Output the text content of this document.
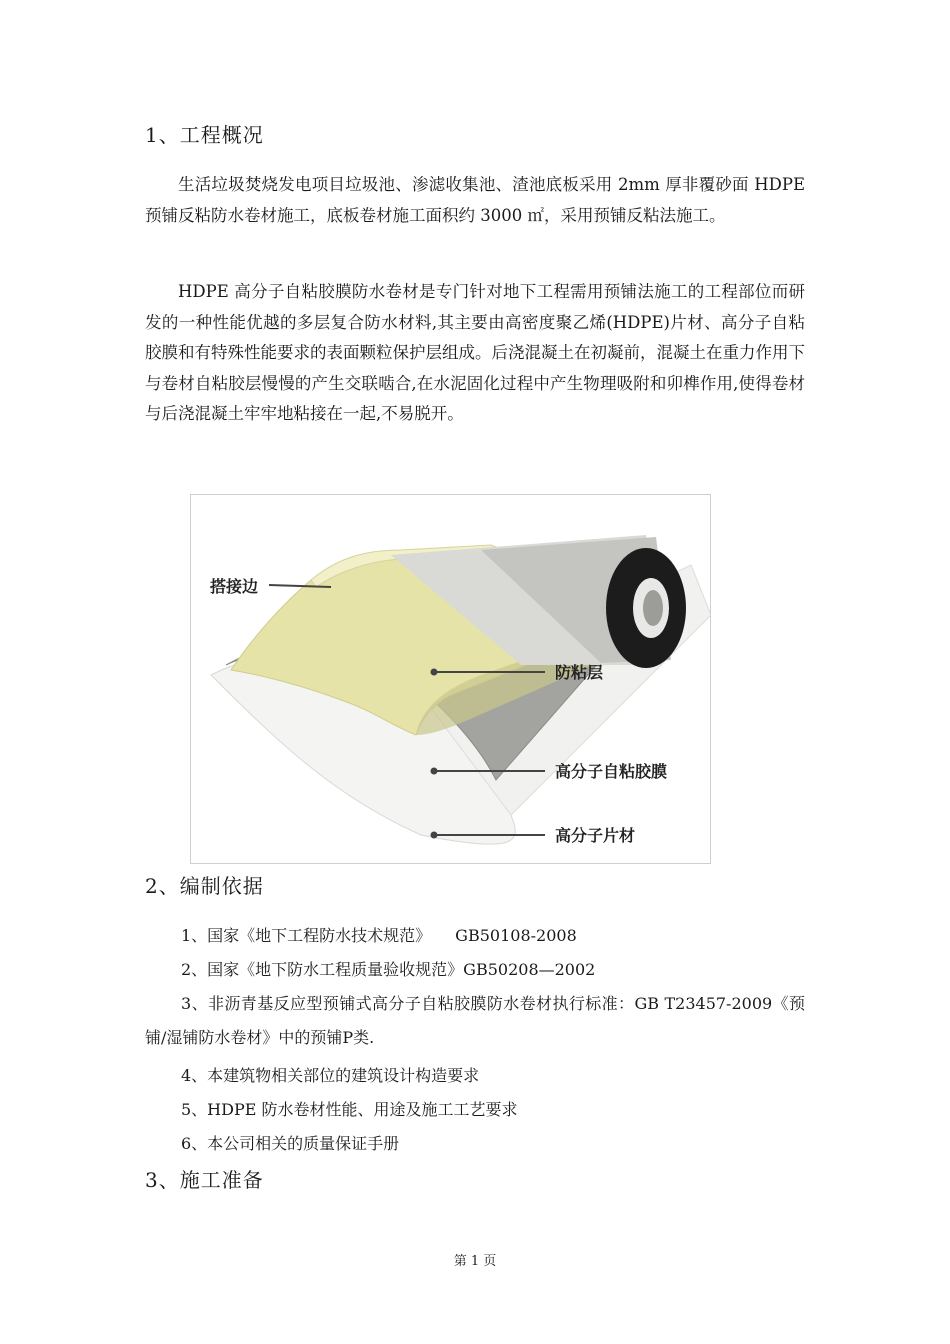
1、工程概况

生活垃圾焚烧发电项目垃圾池、渗滤收集池、渣池底板采用 2mm 厚非覆砂面 HDPE 预铺反粘防水卷材施工，底板卷材施工面积约 3000 ㎡，采用预铺反粘法施工。

HDPE 高分子自粘胶膜防水卷材是专门针对地下工程需用预铺法施工的工程部位而研发的一种性能优越的多层复合防水材料,其主要由高密度聚乙烯(HDPE)片材、高分子自粘胶膜和有特殊性能要求的表面颗粒保护层组成。后浇混凝土在初凝前，混凝土在重力作用下与卷材自粘胶层慢慢的产生交联啮合,在水泥固化过程中产生物理吸附和卯榫作用,使得卷材与后浇混凝土牢牢地粘接在一起,不易脱开。

搭接边
防粘层
高分子自粘胶膜
高分子片材
2、编制依据

1、国家《地下工程防水技术规范》　　GB50108-2008

2、国家《地下防水工程质量验收规范》GB50208—2002

3、非沥青基反应型预铺式高分子自粘胶膜防水卷材执行标准：GB T23457-2009《预铺/湿铺防水卷材》中的预铺P类.

4、本建筑物相关部位的建筑设计构造要求

5、HDPE 防水卷材性能、用途及施工工艺要求

6、本公司相关的质量保证手册

3、施工准备
第 1 页
